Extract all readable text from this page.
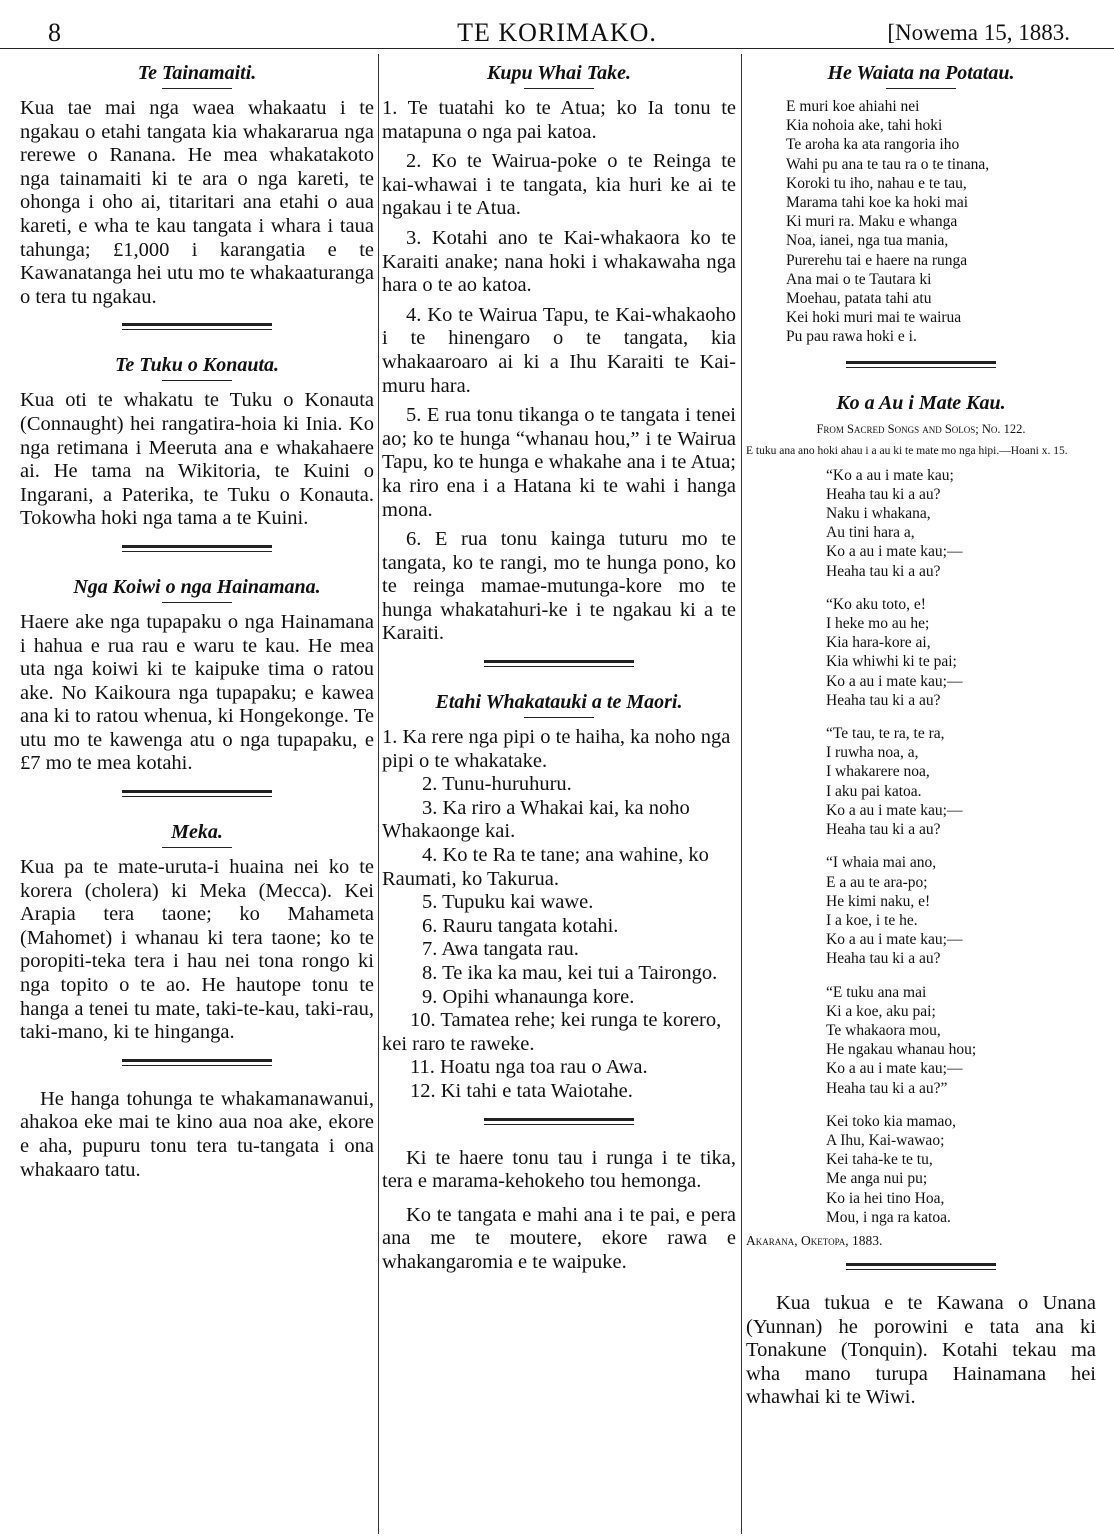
8	TE KORIMAKO.	[Nowema 15, 1883.
Te Tainamaiti.

Kua tae mai nga waea whakaatu i te ngakau o etahi tangata kia whakararua nga rerewe o Ranana. He mea whakatakoto nga tainamaiti ki te ara o nga kareti, te ohonga i oho ai, titaritari ana etahi o aua kareti, e wha te kau tangata i whara i taua tahunga; £1,000 i karangatia e te Kawanatanga hei utu mo te whakaaturanga o tera tu ngakau.

Te Tuku o Konauta.

Kua oti te whakatu te Tuku o Konauta (Connaught) hei rangatira-hoia ki Inia. Ko nga retimana i Meeruta ana e whakahaere ai. He tama na Wikitoria, te Kuini o Ingarani, a Paterika, te Tuku o Konauta. Tokowha hoki nga tama a te Kuini.

Nga Koiwi o nga Hainamana.

Haere ake nga tupapaku o nga Hainamana i hahua e rua rau e waru te kau. He mea uta nga koiwi ki te kaipuke tima o ratou ake. No Kaikoura nga tupapaku; e kawea ana ki to ratou whenua, ki Hongekonge. Te utu mo te kawenga atu o nga tupapaku, e £7 mo te mea kotahi.

Meka.

Kua pa te mate-uruta-i huaina nei ko te korera (cholera) ki Meka (Mecca). Kei Arapia tera taone; ko Mahameta (Mahomet) i whanau ki tera taone; ko te poropiti-teka tera i hau nei tona rongo ki nga topito o te ao. He hautope tonu te hanga a tenei tu mate, taki-te-kau, taki-rau, taki-mano, ki te hinganga.

He hanga tohunga te whakamanawanui, ahakoa eke mai te kino aua noa ake, ekore e aha, pupuru tonu tera tu-tangata i ona whakaaro tatu.

Kupu Whai Take.

1. Te tuatahi ko te Atua; ko Ia tonu te matapuna o nga pai katoa.

2. Ko te Wairua-poke o te Reinga te kai-whawai i te tangata, kia huri ke ai te ngakau i te Atua.

3. Kotahi ano te Kai-whakaora ko te Karaiti anake; nana hoki i whakawaha nga hara o te ao katoa.

4. Ko te Wairua Tapu, te Kai-whakaoho i te hinengaro o te tangata, kia whakaaroaro ai ki a Ihu Karaiti te Kai-muru hara.

5. E rua tonu tikanga o te tangata i tenei ao; ko te hunga “whanau hou,” i te Wairua Tapu, ko te hunga e whakahe ana i te Atua; ka riro ena i a Hatana ki te wahi i hanga mona.

6. E rua tonu kainga tuturu mo te tangata, ko te rangi, mo te hunga pono, ko te reinga mamae-mutunga-kore mo te hunga whakatahuri-ke i te ngakau ki a te Karaiti.

Etahi Whakatauki a te Maori.

1. Ka rere nga pipi o te haiha, ka noho nga pipi o te whakatake.

2. Tunu-huruhuru.

3. Ka riro a Whakai kai, ka noho Whakaonge kai.

4. Ko te Ra te tane; ana wahine, ko Raumati, ko Takurua.

5. Tupuku kai wawe.

6. Rauru tangata kotahi.

7. Awa tangata rau.

8. Te ika ka mau, kei tui a Tairongo.

9. Opihi whanaunga kore.

10. Tamatea rehe; kei runga te korero, kei raro te raweke.

11. Hoatu nga toa rau o Awa.

12. Ki tahi e tata Waiotahe.

Ki te haere tonu tau i runga i te tika, tera e marama-kehokeho tou hemonga.

Ko te tangata e mahi ana i te pai, e pera ana me te moutere, ekore rawa e whakangaromia e te waipuke.

He Waiata na Potatau.
E muri koe ahiahi nei
Kia nohoia ake, tahi hoki
Te aroha ka ata rangoria iho
Wahi pu ana te tau ra o te tinana,
Koroki tu iho, nahau e te tau,
Marama tahi koe ka hoki mai
Ki muri ra. Maku e whanga
Noa, ianei, nga tua mania,
Purerehu tai e haere na runga
Ana mai o te Tautara ki
Moehau, patata tahi atu
Kei hoki muri mai te wairua
Pu pau rawa hoki e i.
Ko a Au i Mate Kau.
From Sacred Songs and Solos; No. 122.

E tuku ana ano hoki ahau i a au ki te mate mo nga hipi.—Hoani x. 15.

“Ko a au i mate kau;
Heaha tau ki a au?
Naku i whakana,
Au tini hara a,
Ko a au i mate kau;—
Heaha tau ki a au?
“Ko aku toto, e!
I heke mo au he;
Kia hara-kore ai,
Kia whiwhi ki te pai;
Ko a au i mate kau;—
Heaha tau ki a au?
“Te tau, te ra, te ra,
I ruwha noa, a,
I whakarere noa,
I aku pai katoa.
Ko a au i mate kau;—
Heaha tau ki a au?
“I whaia mai ano,
E a au te ara-po;
He kimi naku, e!
I a koe, i te he.
Ko a au i mate kau;—
Heaha tau ki a au?
“E tuku ana mai
Ki a koe, aku pai;
Te whakaora mou,
He ngakau whanau hou;
Ko a au i mate kau;—
Heaha tau ki a au?”
Kei toko kia mamao,
A Ihu, Kai-wawao;
Kei taha-ke te tu,
Me anga nui pu;
Ko ia hei tino Hoa,
Mou, i nga ra katoa.

Akarana, Oketopa, 1883.

Kua tukua e te Kawana o Unana (Yunnan) he porowini e tata ana ki Tonakune (Tonquin). Kotahi tekau ma wha mano turupa Hainamana hei whawhai ki te Wiwi.
